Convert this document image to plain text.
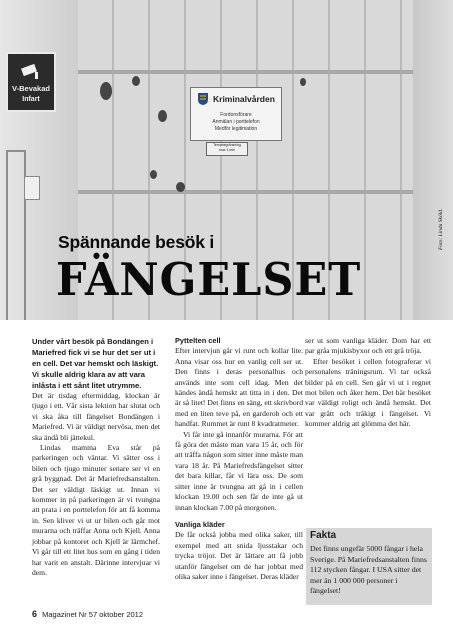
V-Bevakad
Infart	Kriminalvården
Fordonsförare
Anmälan i porttelefon
Medför legitimation
Tempbegränsning
max 1 min
Spännande besök i
FÄNGELSET
Foto: Linda Sköld.

Under vårt besök på Bondängen i Mariefred fick vi se hur det ser ut i en cell. Det var hemskt och läskigt. Vi skulle aldrig klara av att vara inlåsta i ett sånt litet utrymme.

Det är tisdag eftermiddag, klockan är tjugo i ett. Vår sista lektion har slutat och vi ska åka till fängelset Bondängen i Mariefred. Vi är väldigt nervösa, men det ska ändå bli jättekul.

Lindas mamma Eva står på parkeringen och väntar. Vi sätter oss i bilen och tjugo minuter senare ser vi en grå byggnad. Det är Mariefredsanstalten. Det ser väldigt läskigt ut. Innan vi kommer in på parkeringen är vi tvungna att prata i en porttelefon för att få komma in. Sen kliver vi ut ur bilen och går mot murarna och träffar Anna och Kjell. Anna jobbar på kontoret och Kjell är lärmchef. Vi går till ett litet hus som en gång i tiden har varit en anstalt. Därinne intervjuar vi dem.

Pyttelten cell

Efter intervjun går vi runt och kollar lite. Anna visar oss hur en vanlig cell ser ut. Den finns i deras personalhus och används inte som cell idag. Men det kändes ändå hemskt att titta in i den. Det är så litet! Det finns en säng, ett skrivbord med en liten teve på, en garderob och ett handfat. Rummet är runt 8 kvadratmeter.

Vi får inte gå innanför murarna. För att få göra det måste man vara 15 år, och för att träffa någon som sitter inne måste man vara 18 år. På Mariefredsfängelset sitter det bara killar, får vi lära oss. De som sitter inne är tvungna att gå in i cellen klockan 19.00 och sen får de inte gå ut innan klockan 7.00 på morgonen.

Vanliga kläder

De får också jobba med olika saker, till exempel med att snida ljusstakar och trycka tröjor. Det är lättare att få jobb utanför fängelset om de har jobbat med olika saker inne i fängelset. Deras kläder

ser ut som vanliga kläder. Dom har ett par gråa mjukisbyxor och ett grå tröja.

Efter besöket i cellen fotograferar vi personalens träningsrum. Vi tar också bilder på en cell. Sen går vi ut i regnet mot bilen och åker hem. Det här besöket var väldigt roligt och ändå hemskt. Det var grått och tråkigt i fängelset. Vi kommer aldrig att glömma det här.

Fakta
Det finns ungefär 5000 fångar i hela Sverige. På Mariefredsanstalten finns 112 stycken fångar. I USA sitter det mer än 1 000 000 personer i fängelset!
6 Magazinet Nr 57 oktober 2012
